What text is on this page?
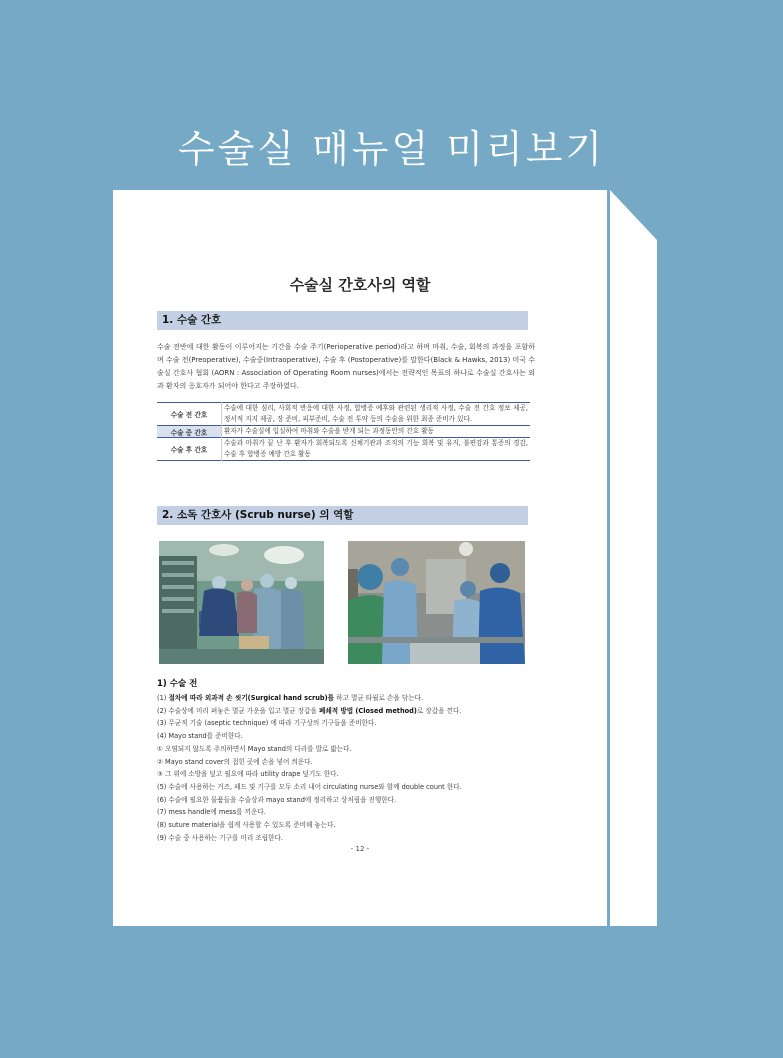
수술실 매뉴얼 미리보기
수술실 간호사의 역할
1. 수술 간호
수술 전반에 대한 활동이 이루어지는 기간을 수술 주기(Perioperative period)라고 하며 마취, 수술, 회복의 과정을 포함하며 수술 전(Preoperative), 수술중(Intraoperative), 수술 후 (Postoperative)를 말한다(Black & Hawks, 2013) 미국 수술실 간호사 협회 (AORN : Association of Operating Room nurses)에서는 전략적인 목표의 하나로 수술실 간호사는 외과 환자의 옹호자가 되어야 한다고 주장하였다.
수술 전 간호	수술에 대한 심리, 사회적 반응에 대한 사정, 합병증 예후와 관련된 생리적 사정, 수술 전 간호 정보 제공, 정서적 지지 제공, 장 준비, 피부준비, 수술 전 투약 등의 수술을 위한 최종 준비가 있다.
수술 중 간호	환자가 수술실에 입실하여 마취와 수술을 받게 되는 과정동안의 간호 활동
수술 후 간호	수술과 마취가 끝 난 후 환자가 회복되도록 신체기관과 조직의 기능 회복 및 유지, 불편감과 통증의 경감, 수술 후 합병증 예방 간호 활동
2. 소독 간호사 (Scrub nurse) 의 역할
1) 수술 전
(1) 절차에 따라 외과적 손 씻기(Surgical hand scrub)를 하고 멸균 타월로 손을 닦는다.
(2) 수술상에 미리 펴놓은 멸균 가운을 입고 멸균 장갑을 폐쇄적 방법 (Closed method)로 장갑을 낀다.
(3) 무균적 기술 (aseptic technique) 에 따라 기구상의 기구들을 준비한다.
(4) Mayo stand를 준비한다.
① 오염되지 않도록 주의하면서 Mayo stand의 다리를 발로 밟는다.
② Mayo stand cover의 접힌 곳에 손을 넣어 씌운다.
③ 그 위에 소방을 덮고 필요에 따라 utility drape 덮기도 한다.
(5) 수술에 사용하는 거즈, 패드 및 기구를 모두 소리 내어 circulating nurse와 함께 double count 한다.
(6) 수술에 필요한 물품들을 수술상과 mayo stand에 정리하고 상처림을 진행한다.
(7) mess handle에 mess를 끼운다.
(8) suture material을 쉽게 사용할 수 있도록 준비해 놓는다.
(9) 수술 중 사용하는 기구를 미리 조립한다.
- 12 -
